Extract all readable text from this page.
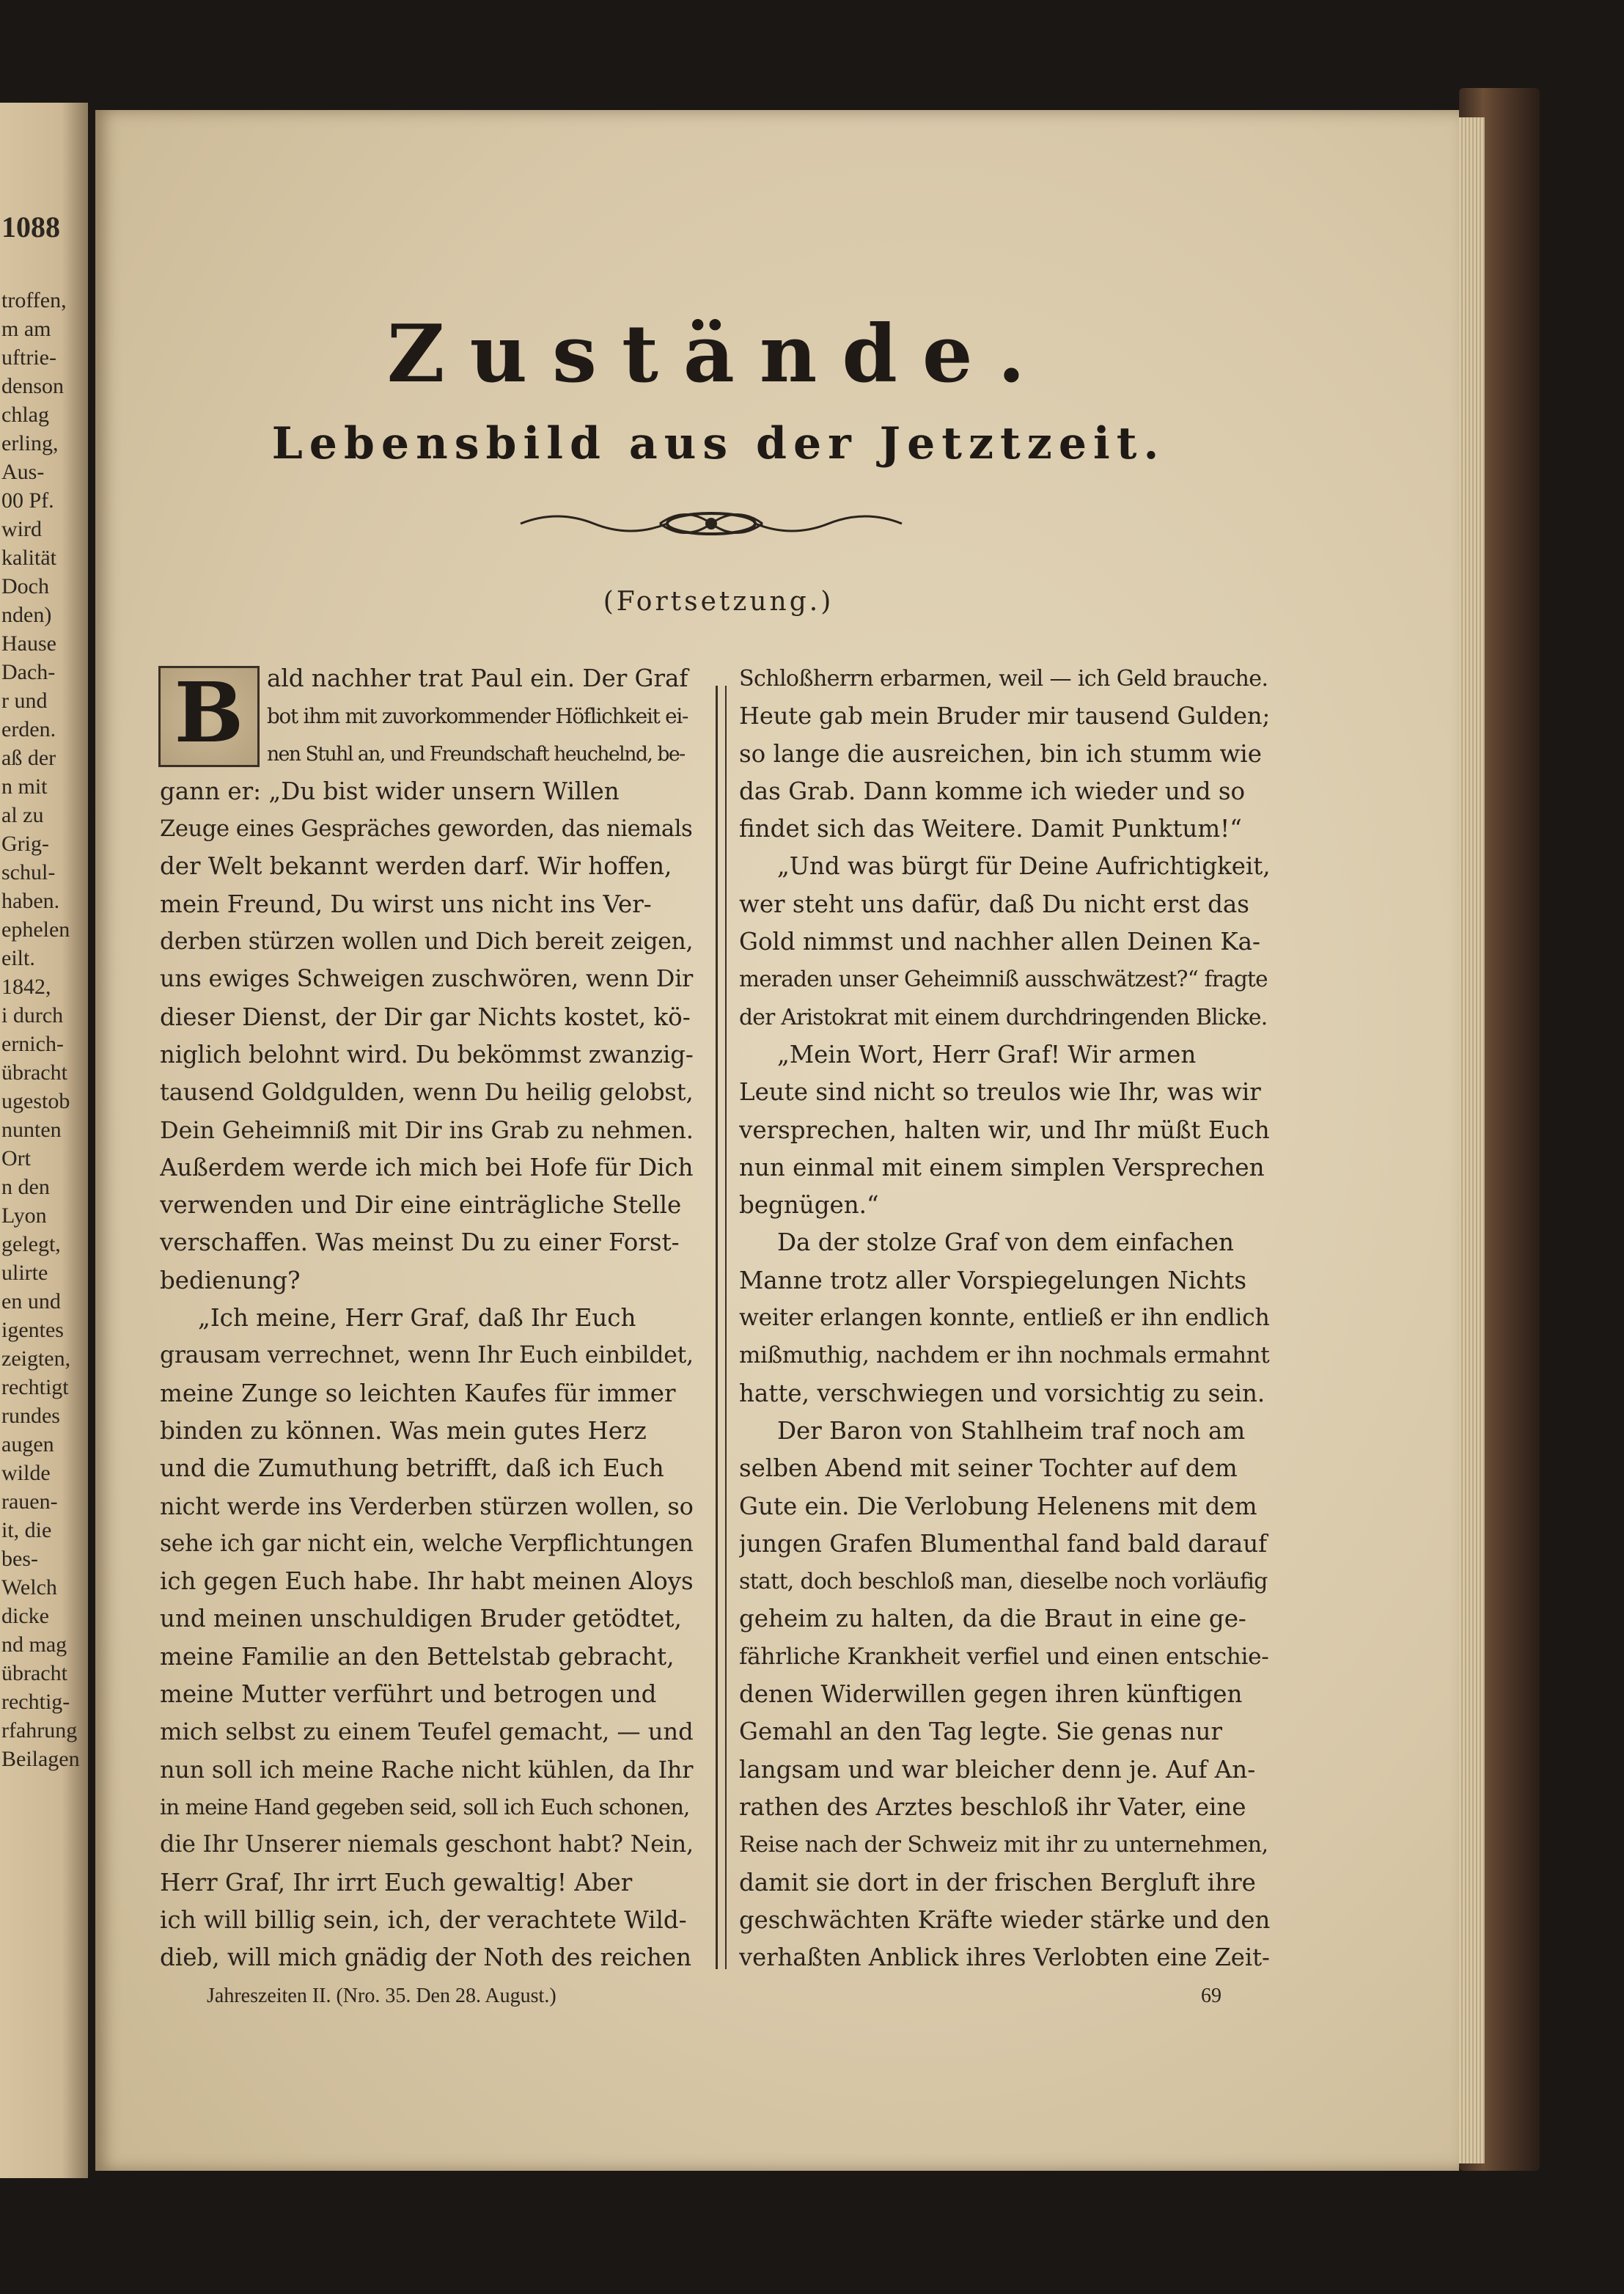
1088
troffen,
m am
uftrie-
denson
chlag
erling,
Aus-
00 Pf.
wird
kalität
Doch
nden)
Hause
Dach-
r und
erden.
aß der
n mit
al zu
Grig-
schul-
haben.
ephelen
eilt.
1842,
i durch
ernich-
übracht
ugestob
nunten
Ort
n den
Lyon
gelegt,
ulirte
en und
igentes
zeigten,
rechtigt
rundes
augen
wilde
rauen-
it, die
bes-
Welch
dicke
nd mag
übracht
rechtig-
rfahrung
Beilagen
Zustände.
Lebensbild aus der Jetztzeit.
(Fortsetzung.)
B ald nachher trat Paul ein. Der Graf
bot ihm mit zuvorkommender Höflichkeit ei-
nen Stuhl an, und Freundschaft heuchelnd, be-
gann er: „Du bist wider unsern Willen
Zeuge eines Gespräches geworden, das niemals
der Welt bekannt werden darf. Wir hoffen,
mein Freund, Du wirst uns nicht ins Ver-
derben stürzen wollen und Dich bereit zeigen,
uns ewiges Schweigen zuschwören, wenn Dir
dieser Dienst, der Dir gar Nichts kostet, kö-
niglich belohnt wird. Du bekömmst zwanzig-
tausend Goldgulden, wenn Du heilig gelobst,
Dein Geheimniß mit Dir ins Grab zu nehmen.
Außerdem werde ich mich bei Hofe für Dich
verwenden und Dir eine einträgliche Stelle
verschaffen. Was meinst Du zu einer Forst-
bedienung?
„Ich meine, Herr Graf, daß Ihr Euch
grausam verrechnet, wenn Ihr Euch einbildet,
meine Zunge so leichten Kaufes für immer
binden zu können. Was mein gutes Herz
und die Zumuthung betrifft, daß ich Euch
nicht werde ins Verderben stürzen wollen, so
sehe ich gar nicht ein, welche Verpflichtungen
ich gegen Euch habe. Ihr habt meinen Aloys
und meinen unschuldigen Bruder getödtet,
meine Familie an den Bettelstab gebracht,
meine Mutter verführt und betrogen und
mich selbst zu einem Teufel gemacht, — und
nun soll ich meine Rache nicht kühlen, da Ihr
in meine Hand gegeben seid, soll ich Euch schonen,
die Ihr Unserer niemals geschont habt? Nein,
Herr Graf, Ihr irrt Euch gewaltig! Aber
ich will billig sein, ich, der verachtete Wild-
dieb, will mich gnädig der Noth des reichen
Schloßherrn erbarmen, weil — ich Geld brauche.
Heute gab mein Bruder mir tausend Gulden;
so lange die ausreichen, bin ich stumm wie
das Grab. Dann komme ich wieder und so
findet sich das Weitere. Damit Punktum!“
„Und was bürgt für Deine Aufrichtigkeit,
wer steht uns dafür, daß Du nicht erst das
Gold nimmst und nachher allen Deinen Ka-
meraden unser Geheimniß ausschwätzest?“ fragte
der Aristokrat mit einem durchdringenden Blicke.
„Mein Wort, Herr Graf! Wir armen
Leute sind nicht so treulos wie Ihr, was wir
versprechen, halten wir, und Ihr müßt Euch
nun einmal mit einem simplen Versprechen
begnügen.“
Da der stolze Graf von dem einfachen
Manne trotz aller Vorspiegelungen Nichts
weiter erlangen konnte, entließ er ihn endlich
mißmuthig, nachdem er ihn nochmals ermahnt
hatte, verschwiegen und vorsichtig zu sein.
Der Baron von Stahlheim traf noch am
selben Abend mit seiner Tochter auf dem
Gute ein. Die Verlobung Helenens mit dem
jungen Grafen Blumenthal fand bald darauf
statt, doch beschloß man, dieselbe noch vorläufig
geheim zu halten, da die Braut in eine ge-
fährliche Krankheit verfiel und einen entschie-
denen Widerwillen gegen ihren künftigen
Gemahl an den Tag legte. Sie genas nur
langsam und war bleicher denn je. Auf An-
rathen des Arztes beschloß ihr Vater, eine
Reise nach der Schweiz mit ihr zu unternehmen,
damit sie dort in der frischen Bergluft ihre
geschwächten Kräfte wieder stärke und den
verhaßten Anblick ihres Verlobten eine Zeit-
Jahreszeiten II. (Nro. 35. Den 28. August.)	69
